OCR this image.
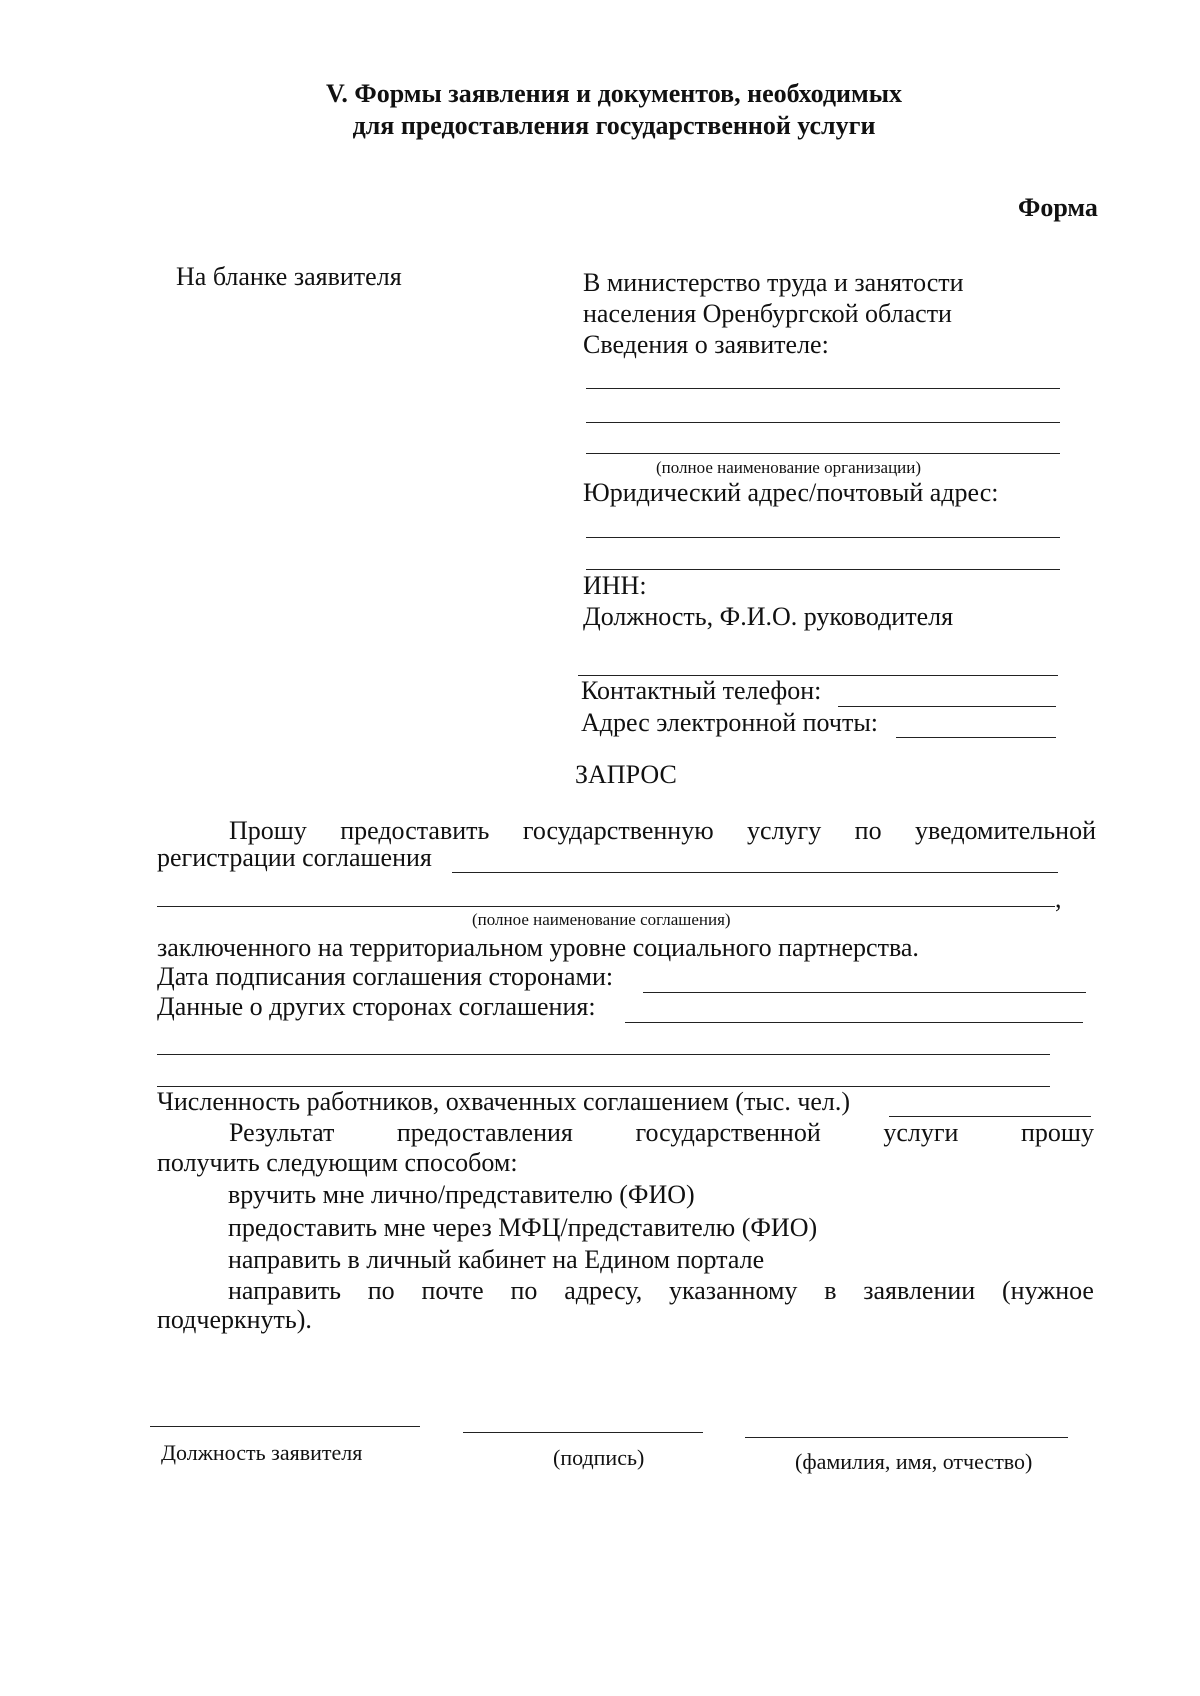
V. Формы заявления и документов, необходимых
для предоставления государственной услуги
Форма
На бланке заявителя	В министерство труда и занятости
населения Оренбургской области
Сведения о заявителе:
(полное наименование организации)
Юридический адрес/почтовый адрес:
ИНН:
Должность, Ф.И.О. руководителя
Контактный телефон:
Адрес электронной почты:
ЗАПРОС
Прошу предоставить государственную услугу по уведомительной
регистрации соглашения
,
(полное наименование соглашения)
заключенного на территориальном уровне социального партнерства.
Дата подписания соглашения сторонами:
Данные о других сторонах соглашения:
Численность работников, охваченных соглашением (тыс. чел.)
Результат предоставления государственной услуги прошу
получить следующим способом:
вручить мне лично/представителю (ФИО)
предоставить мне через МФЦ/представителю (ФИО)
направить в личный кабинет на Едином портале
направить по почте по адресу, указанному в заявлении (нужное
подчеркнуть).
Должность заявителя	(подпись)	(фамилия, имя, отчество)
